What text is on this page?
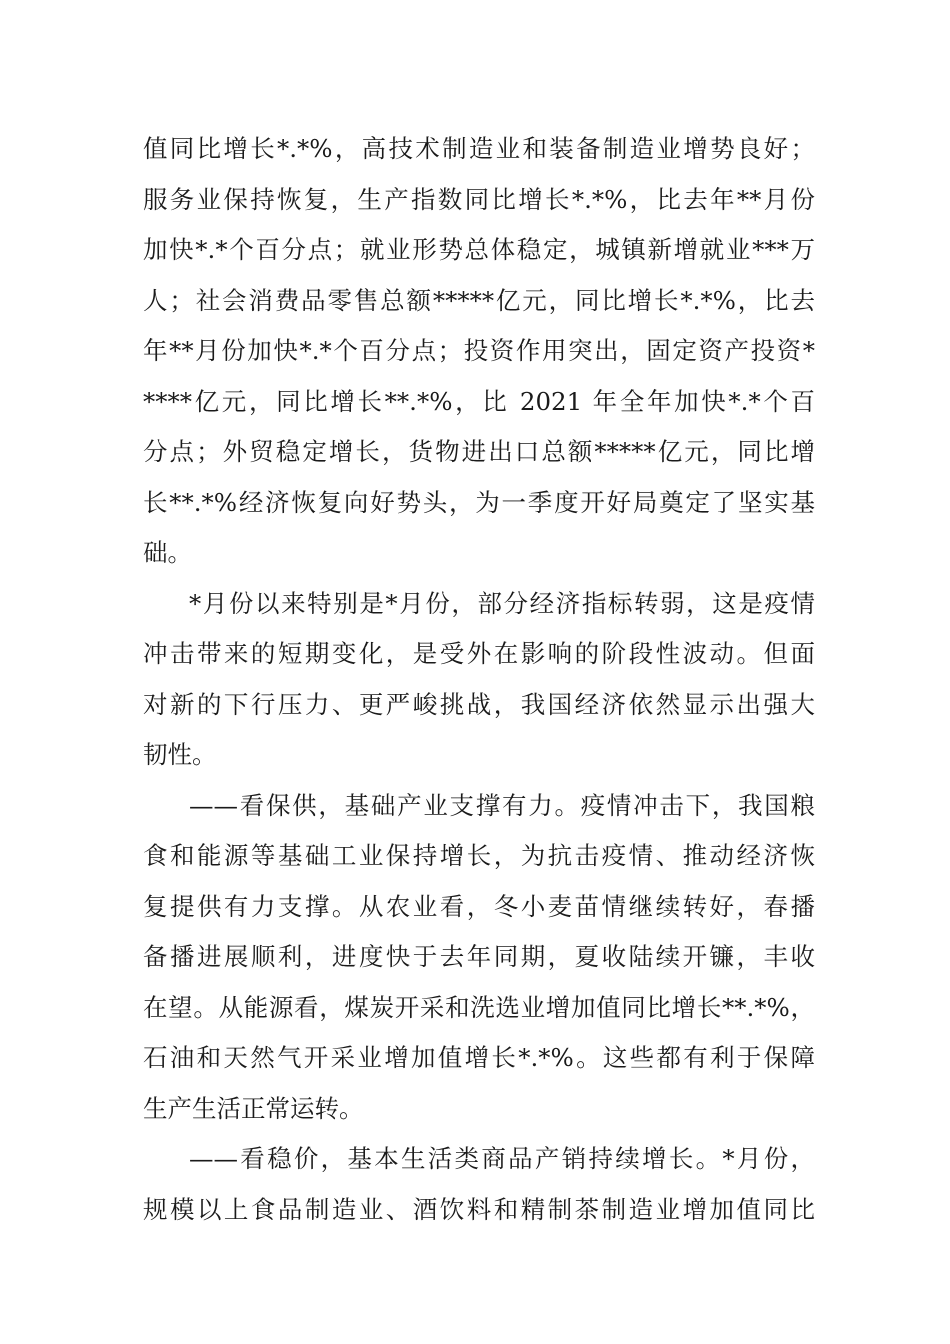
值同比增长*.*%，高技术制造业和装备制造业增势良好；
服务业保持恢复，生产指数同比增长*.*%，比去年**月份
加快*.*个百分点；就业形势总体稳定，城镇新增就业***万
人；社会消费品零售总额*****亿元，同比增长*.*%，比去
年**月份加快*.*个百分点；投资作用突出，固定资产投资*
****亿元，同比增长**.*%，比 2021 年全年加快*.*个百
分点；外贸稳定增长，货物进出口总额*****亿元，同比增
长**.*%经济恢复向好势头，为一季度开好局奠定了坚实基
础。
*月份以来特别是*月份，部分经济指标转弱，这是疫情
冲击带来的短期变化，是受外在影响的阶段性波动。但面
对新的下行压力、更严峻挑战，我国经济依然显示出强大
韧性。
——看保供，基础产业支撑有力。疫情冲击下，我国粮
食和能源等基础工业保持增长，为抗击疫情、推动经济恢
复提供有力支撑。从农业看，冬小麦苗情继续转好，春播
备播进展顺利，进度快于去年同期，夏收陆续开镰，丰收
在望。从能源看，煤炭开采和洗选业增加值同比增长**.*%，
石油和天然气开采业增加值增长*.*%。这些都有利于保障
生产生活正常运转。
——看稳价，基本生活类商品产销持续增长。*月份，
规模以上食品制造业、酒饮料和精制茶制造业增加值同比
